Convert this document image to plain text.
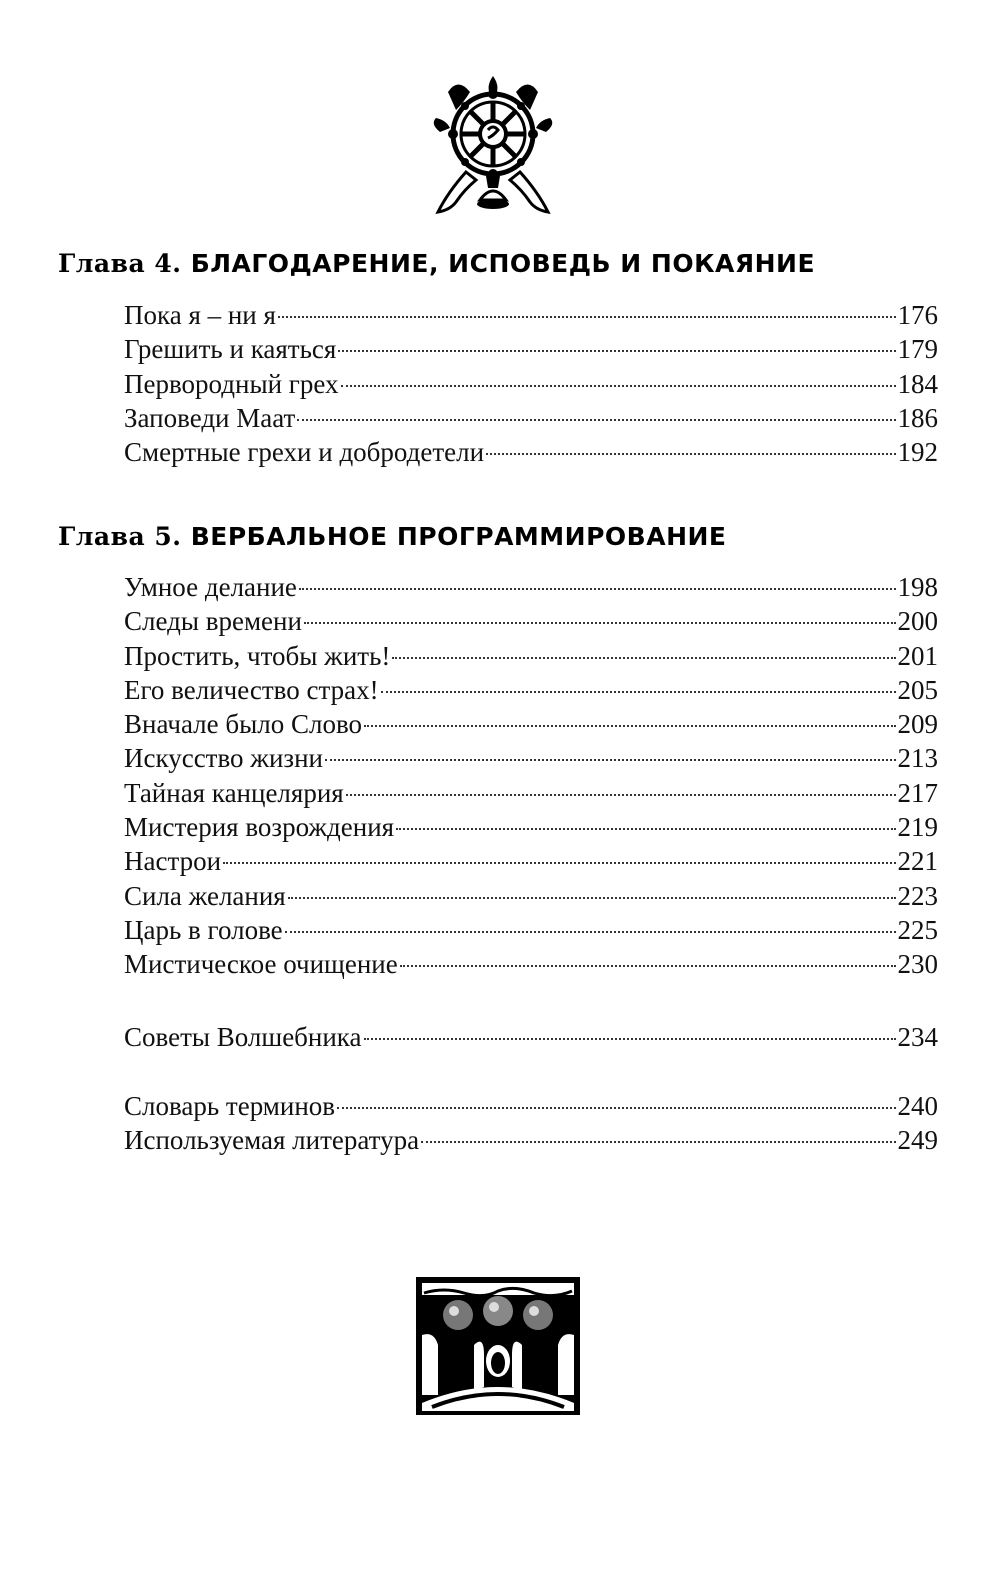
Глава 4. БЛАГОДАРЕНИЕ, ИСПОВЕДЬ И ПОКАЯНИЕ
Пока я – ни я	176
Грешить и каяться	179
Первородный грех	184
Заповеди Маат	186
Смертные грехи и добродетели	192
Глава 5. ВЕРБАЛЬНОЕ ПРОГРАММИРОВАНИЕ
Умное делание	198
Следы времени	200
Простить, чтобы жить!	201
Его величество страх!	205
Вначале было Слово	209
Искусство жизни	213
Тайная канцелярия	217
Мистерия возрождения	219
Настрои	221
Сила желания	223
Царь в голове	225
Мистическое очищение	230
Советы Волшебника	234
Словарь терминов	240
Используемая литература	249
